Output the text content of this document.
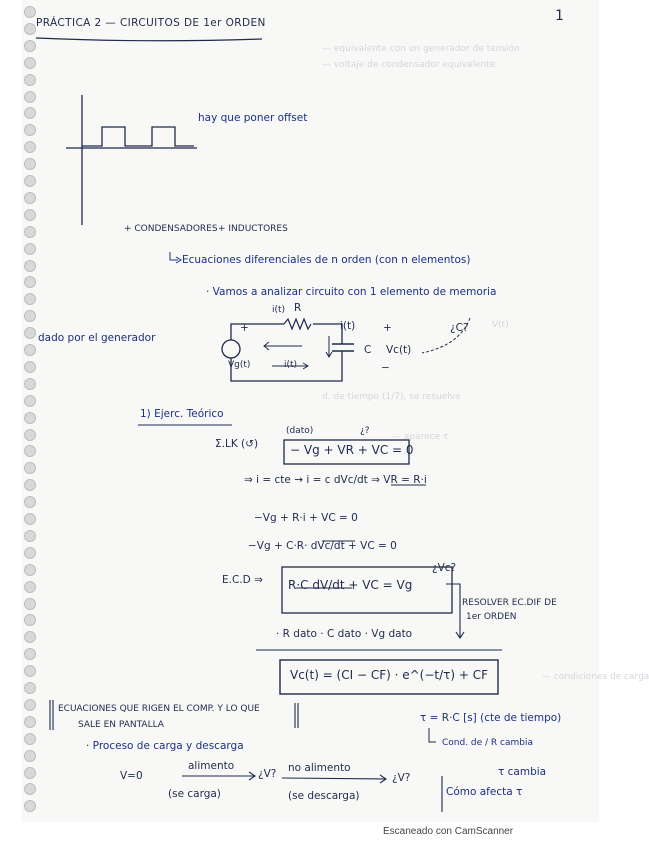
— equivalente con un generador de tensión
— voltaje de condensador equivalente
V(t)
d. de tiempo (1/7), se resuelve
— aparece τ
— condiciones de carga
PRÁCTICA 2 — CIRCUITOS DE 1er ORDEN	1
hay que poner offset
+ CONDENSADORES + INDUCTORES
Ecuaciones diferenciales de n orden (con n elementos)
· Vamos a analizar circuito con 1 elemento de memoria
dado por el generador
i(t) R
i(t)	+
+
C Vc(t)
−
Vg(t)	i(t)
¿C?
1) Ejerc. Teórico
(dato)	¿?
Σ.LK (↺)	− Vg + VR + VC = 0
⇒ i = cte → i = c dVc/dt ⇒ VR = R·i
−Vg + R·i + VC = 0
−Vg + C·R· dVc/dt + VC = 0
E.C.D ⇒ R·C dV/dt + VC = Vg
¿Vc?
RESOLVER EC.DIF DE
1er ORDEN
· R dato · C dato · Vg dato
Vc(t) = (CI − CF) · e^(−t/τ) + CF
ECUACIONES QUE RIGEN EL COMP. Y LO QUE
SALE EN PANTALLA
τ = R·C [s] (cte de tiempo)
Cond. de / R cambia
· Proceso de carga y descarga
V=0
alimento
(se carga)
¿V? no alimento
(se descarga)
¿V?	τ cambia
Cómo afecta τ
Escaneado con CamScanner
